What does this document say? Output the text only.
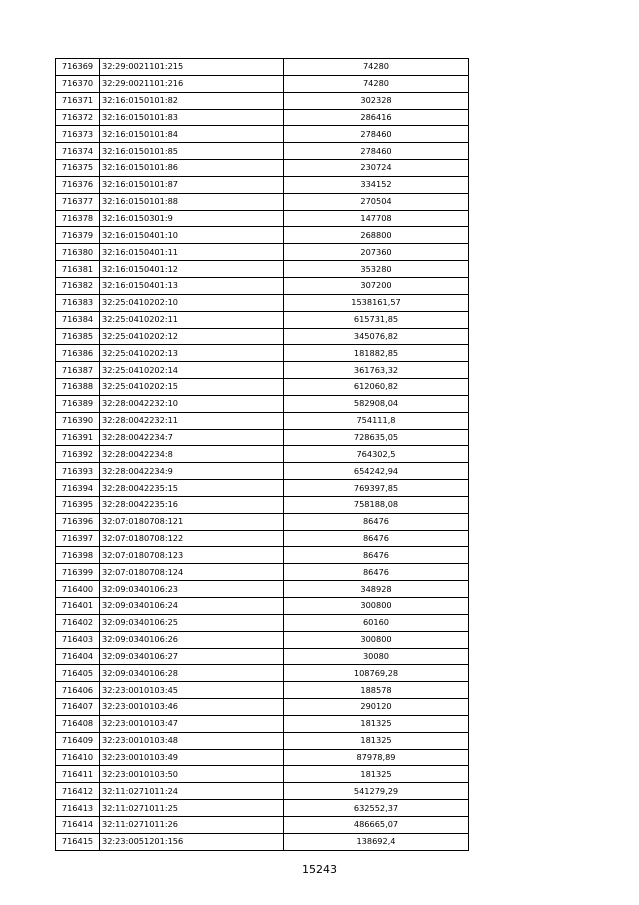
716369	32:29:0021101:215	74280
716370	32:29:0021101:216	74280
716371	32:16:0150101:82	302328
716372	32:16:0150101:83	286416
716373	32:16:0150101:84	278460
716374	32:16:0150101:85	278460
716375	32:16:0150101:86	230724
716376	32:16:0150101:87	334152
716377	32:16:0150101:88	270504
716378	32:16:0150301:9	147708
716379	32:16:0150401:10	268800
716380	32:16:0150401:11	207360
716381	32:16:0150401:12	353280
716382	32:16:0150401:13	307200
716383	32:25:0410202:10	1538161,57
716384	32:25:0410202:11	615731,85
716385	32:25:0410202:12	345076,82
716386	32:25:0410202:13	181882,85
716387	32:25:0410202:14	361763,32
716388	32:25:0410202:15	612060,82
716389	32:28:0042232:10	582908,04
716390	32:28:0042232:11	754111,8
716391	32:28:0042234:7	728635,05
716392	32:28:0042234:8	764302,5
716393	32:28:0042234:9	654242,94
716394	32:28:0042235:15	769397,85
716395	32:28:0042235:16	758188,08
716396	32:07:0180708:121	86476
716397	32:07:0180708:122	86476
716398	32:07:0180708:123	86476
716399	32:07:0180708:124	86476
716400	32:09:0340106:23	348928
716401	32:09:0340106:24	300800
716402	32:09:0340106:25	60160
716403	32:09:0340106:26	300800
716404	32:09:0340106:27	30080
716405	32:09:0340106:28	108769,28
716406	32:23:0010103:45	188578
716407	32:23:0010103:46	290120
716408	32:23:0010103:47	181325
716409	32:23:0010103:48	181325
716410	32:23:0010103:49	87978,89
716411	32:23:0010103:50	181325
716412	32:11:0271011:24	541279,29
716413	32:11:0271011:25	632552,37
716414	32:11:0271011:26	486665,07
716415	32:23:0051201:156	138692,4
15243
